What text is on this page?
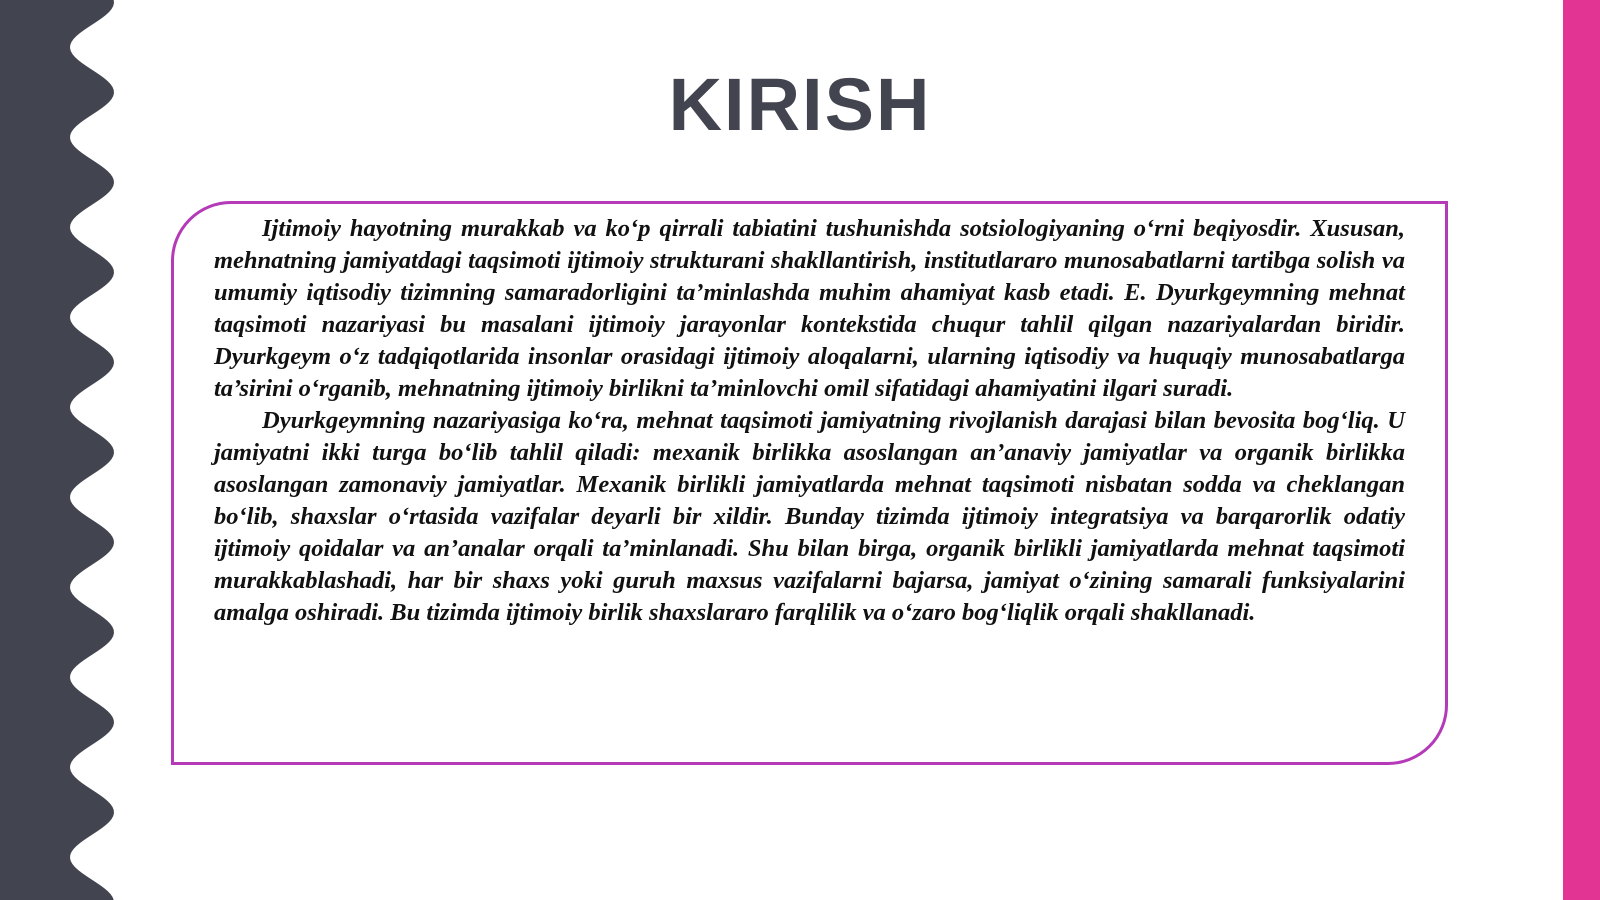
KIRISH

Ijtimoiy hayotning murakkab va ko‘p qirrali tabiatini tushunishda sotsiologiyaning o‘rni beqiyosdir. Xususan, mehnatning jamiyatdagi taqsimoti ijtimoiy strukturani shakllantirish, institutlararo munosabatlarni tartibga solish va umumiy iqtisodiy tizimning samaradorligini ta’minlashda muhim ahamiyat kasb etadi. E. Dyurkgeymning mehnat taqsimoti nazariyasi bu masalani ijtimoiy jarayonlar kontekstida chuqur tahlil qilgan nazariyalardan biridir. Dyurkgeym o‘z tadqiqotlarida insonlar orasidagi ijtimoiy aloqalarni, ularning iqtisodiy va huquqiy munosabatlarga ta’sirini o‘rganib, mehnatning ijtimoiy birlikni ta’minlovchi omil sifatidagi ahamiyatini ilgari suradi.

Dyurkgeymning nazariyasiga ko‘ra, mehnat taqsimoti jamiyatning rivojlanish darajasi bilan bevosita bog‘liq. U jamiyatni ikki turga bo‘lib tahlil qiladi: mexanik birlikka asoslangan an’anaviy jamiyatlar va organik birlikka asoslangan zamonaviy jamiyatlar. Mexanik birlikli jamiyatlarda mehnat taqsimoti nisbatan sodda va cheklangan bo‘lib, shaxslar o‘rtasida vazifalar deyarli bir xildir. Bunday tizimda ijtimoiy integratsiya va barqarorlik odatiy ijtimoiy qoidalar va an’analar orqali ta’minlanadi. Shu bilan birga, organik birlikli jamiyatlarda mehnat taqsimoti murakkablashadi, har bir shaxs yoki guruh maxsus vazifalarni bajarsa, jamiyat o‘zining samarali funksiyalarini amalga oshiradi. Bu tizimda ijtimoiy birlik shaxslararo farqlilik va o‘zaro bog‘liqlik orqali shakllanadi.
